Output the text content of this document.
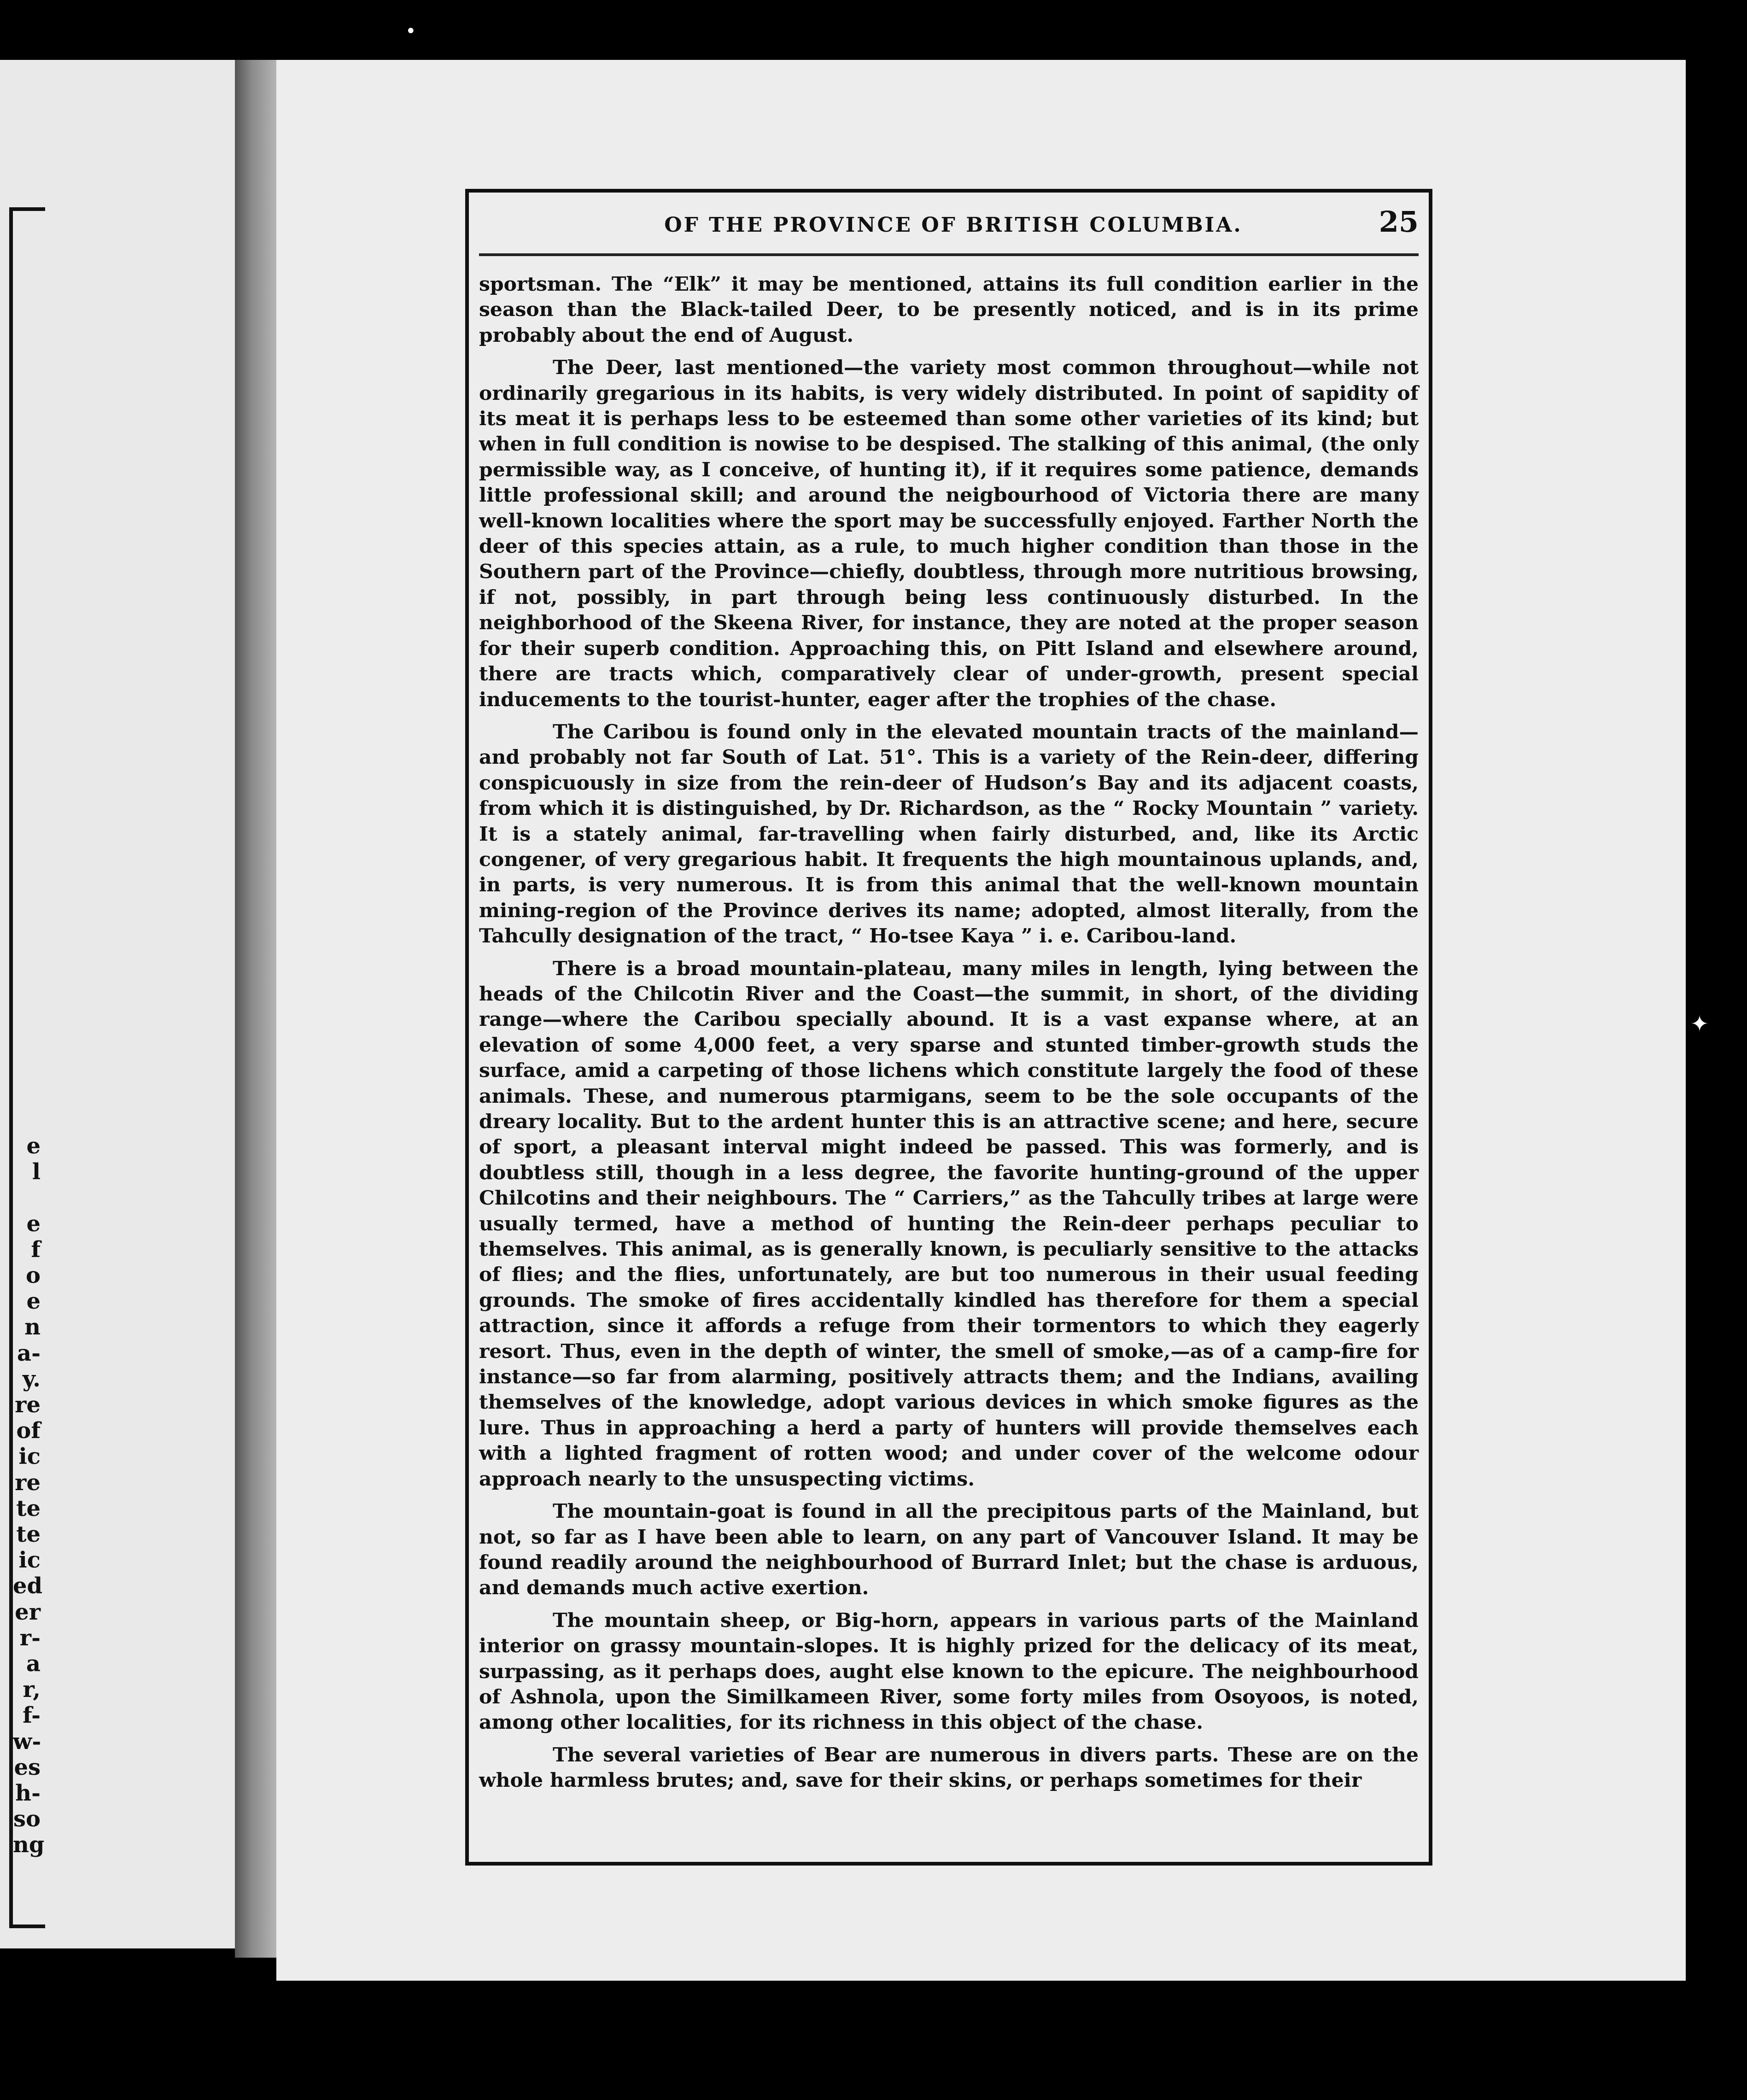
e
l

e
f
o
e
n
a-
y.
re
of
ic
re
te
te
ic
ed
er
r-
a
r,
f-
w-
es
h-
so
ng
•
✦
OF THE PROVINCE OF BRITISH COLUMBIA.	25

sportsman. The “Elk” it may be mentioned, attains its full condition earlier in the season than the Black-tailed Deer, to be presently noticed, and is in its prime probably about the end of August.

The Deer, last mentioned—the variety most common throughout—while not ordinarily gregarious in its habits, is very widely distributed. In point of sapidity of its meat it is perhaps less to be esteemed than some other varieties of its kind; but when in full condition is nowise to be despised. The stalking of this animal, (the only permissible way, as I conceive, of hunting it), if it requires some patience, demands little professional skill; and around the neigbourhood of Victoria there are many well-known localities where the sport may be successfully enjoyed. Farther North the deer of this species attain, as a rule, to much higher condition than those in the Southern part of the Province—chiefly, doubtless, through more nutritious browsing, if not, possibly, in part through being less continuously disturbed. In the neighborhood of the Skeena River, for instance, they are noted at the proper season for their superb condition. Approaching this, on Pitt Island and elsewhere around, there are tracts which, comparatively clear of under-growth, present special inducements to the tourist-hunter, eager after the trophies of the chase.

The Caribou is found only in the elevated mountain tracts of the mainland—and probably not far South of Lat. 51°. This is a variety of the Rein-deer, differing conspicuously in size from the rein-deer of Hudson’s Bay and its adjacent coasts, from which it is distinguished, by Dr. Richardson, as the “ Rocky Mountain ” variety. It is a stately animal, far-travelling when fairly disturbed, and, like its Arctic congener, of very gregarious habit. It frequents the high mountainous uplands, and, in parts, is very numerous. It is from this animal that the well-known mountain mining-region of the Province derives its name; adopted, almost literally, from the Tahcully designation of the tract, “ Ho-tsee Kaya ” i. e. Caribou-land.

There is a broad mountain-plateau, many miles in length, lying between the heads of the Chilcotin River and the Coast—the summit, in short, of the dividing range—where the Caribou specially abound. It is a vast expanse where, at an elevation of some 4,000 feet, a very sparse and stunted timber-growth studs the surface, amid a carpeting of those lichens which constitute largely the food of these animals. These, and numerous ptarmigans, seem to be the sole occupants of the dreary locality. But to the ardent hunter this is an attractive scene; and here, secure of sport, a pleasant interval might indeed be passed. This was formerly, and is doubtless still, though in a less degree, the favorite hunting-ground of the upper Chilcotins and their neighbours. The “ Carriers,” as the Tahcully tribes at large were usually termed, have a method of hunting the Rein-deer perhaps peculiar to themselves. This animal, as is generally known, is peculiarly sensitive to the attacks of flies; and the flies, unfortunately, are but too numerous in their usual feeding grounds. The smoke of fires accidentally kindled has therefore for them a special attraction, since it affords a refuge from their tormentors to which they eagerly resort. Thus, even in the depth of winter, the smell of smoke,—as of a camp-fire for instance—so far from alarming, positively attracts them; and the Indians, availing themselves of the knowledge, adopt various devices in which smoke figures as the lure. Thus in approaching a herd a party of hunters will provide themselves each with a lighted fragment of rotten wood; and under cover of the welcome odour approach nearly to the unsuspecting victims.

The mountain-goat is found in all the precipitous parts of the Mainland, but not, so far as I have been able to learn, on any part of Vancouver Island. It may be found readily around the neighbourhood of Burrard Inlet; but the chase is arduous, and demands much active exertion.

The mountain sheep, or Big-horn, appears in various parts of the Mainland interior on grassy mountain-slopes. It is highly prized for the delicacy of its meat, surpassing, as it perhaps does, aught else known to the epicure. The neighbourhood of Ashnola, upon the Similkameen River, some forty miles from Osoyoos, is noted, among other localities, for its richness in this object of the chase.

The several varieties of Bear are numerous in divers parts. These are on the whole harmless brutes; and, save for their skins, or perhaps sometimes for their
